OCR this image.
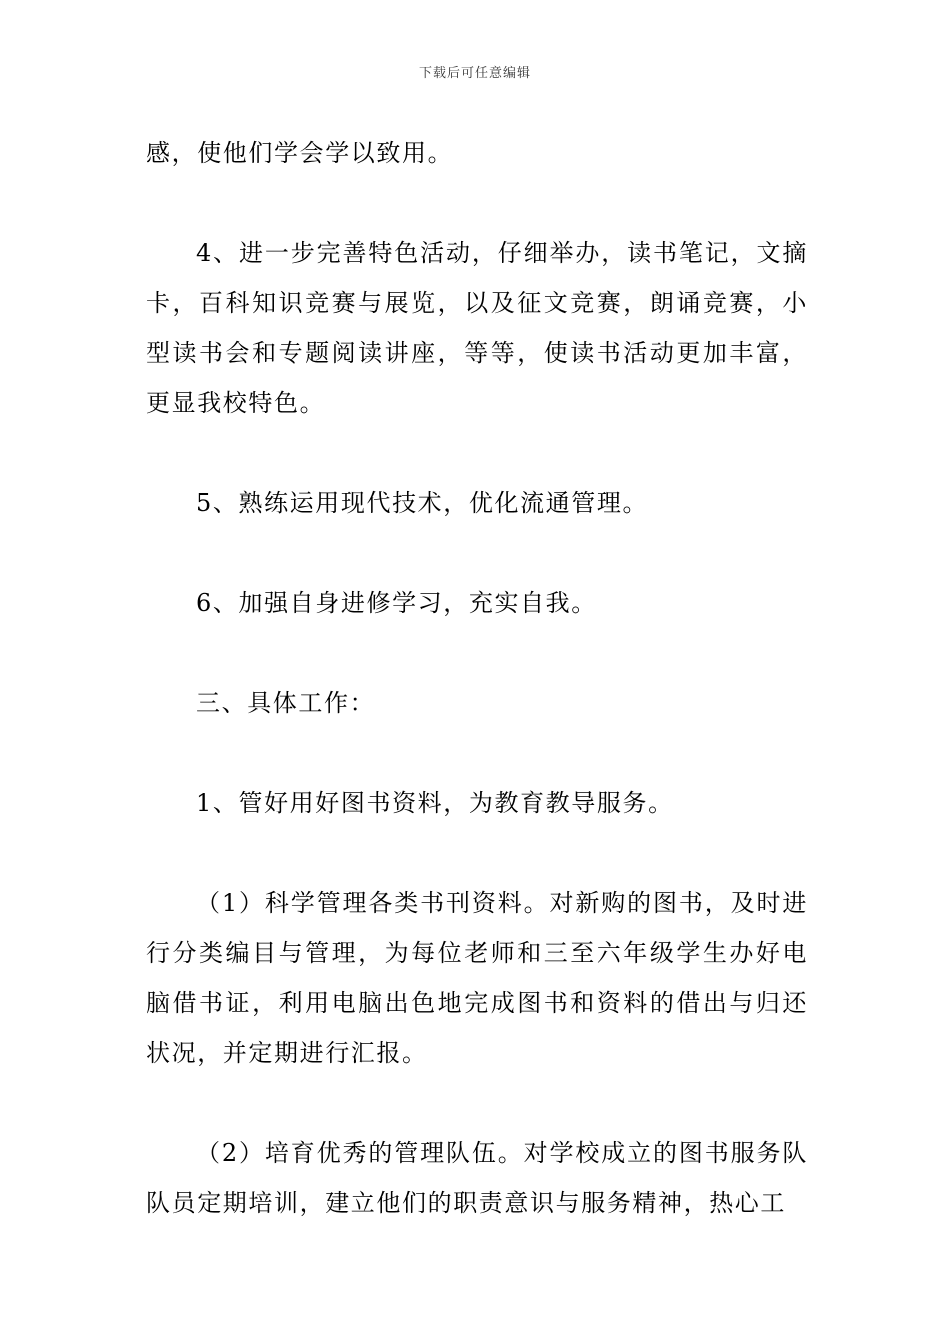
下载后可任意编辑

感，使他们学会学以致用。

4、进一步完善特色活动，仔细举办，读书笔记，文摘卡，百科知识竞赛与展览，以及征文竞赛，朗诵竞赛，小型读书会和专题阅读讲座，等等，使读书活动更加丰富，更显我校特色。

5、熟练运用现代技术，优化流通管理。

6、加强自身进修学习，充实自我。

三、具体工作：

1、管好用好图书资料，为教育教导服务。

（1）科学管理各类书刊资料。对新购的图书，及时进行分类编目与管理，为每位老师和三至六年级学生办好电脑借书证，利用电脑出色地完成图书和资料的借出与归还状况，并定期进行汇报。

（2）培育优秀的管理队伍。对学校成立的图书服务队队员定期培训，建立他们的职责意识与服务精神，热心工
